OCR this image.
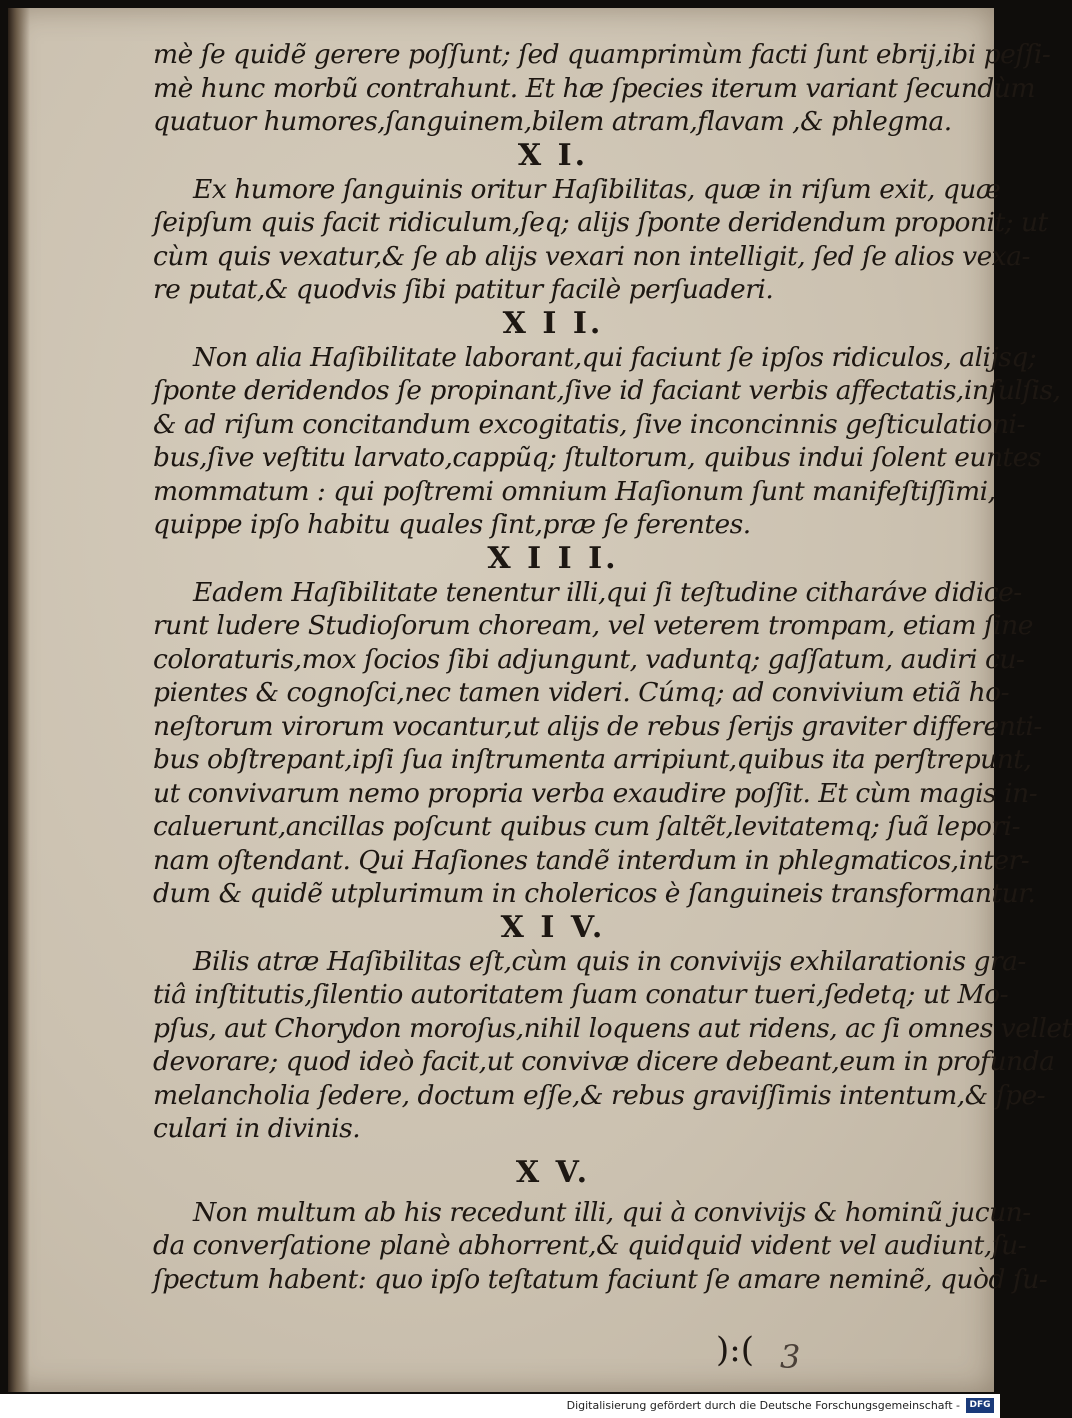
mè ſe quidẽ gerere poſſunt; ſed quamprimùm facti ſunt ebrij,ibi peſſi-
mè hunc morbũ contrahunt. Et hæ ſpecies iterum variant ſecundùm
quatuor humores,ſanguinem,bilem atram,flavam ,& phlegma.
X I.
Ex humore ſanguinis oritur Haſibilitas, quæ in riſum exit, quæ
ſeipſum quis facit ridiculum,ſeq; alijs ſponte deridendum proponit; ut
cùm quis vexatur,& ſe ab alijs vexari non intelligit, ſed ſe alios vexa-
re putat,& quodvis ſibi patitur facilè perſuaderi.
X I I.
Non alia Haſibilitate laborant,qui faciunt ſe ipſos ridiculos, alijsq;
ſponte deridendos ſe propinant,ſive id faciant verbis affectatis,inſulſis,
& ad riſum concitandum excogitatis, ſive inconcinnis geſticulationi-
bus,ſive veſtitu larvato,cappũq; ſtultorum, quibus indui ſolent euntes
mommatum : qui poſtremi omnium Haſionum ſunt manifeſtiſſimi,
quippe ipſo habitu quales ſint,præ ſe ferentes.
X I I I.
Eadem Haſibilitate tenentur illi,qui ſi teſtudine citharáve didice-
runt ludere Studioſorum choream, vel veterem trompam, etiam ſine
coloraturis,mox ſocios ſibi adjungunt, vaduntq; gaſſatum, audiri cu-
pientes & cognoſci,nec tamen videri. Cúmq; ad convivium etiã ho-
neſtorum virorum vocantur,ut alijs de rebus ſerijs graviter differenti-
bus obſtrepant,ipſi ſua inſtrumenta arripiunt,quibus ita perſtrepunt,
ut convivarum nemo propria verba exaudire poſſit. Et cùm magis in-
caluerunt,ancillas poſcunt quibus cum ſaltẽt,levitatemq; ſuã lepori-
nam oſtendant. Qui Haſiones tandẽ interdum in phlegmaticos,inter-
dum & quidẽ utplurimum in cholericos è ſanguineis transformantur.
X I V.
Bilis atræ Haſibilitas eſt,cùm quis in convivijs exhilarationis gra-
tiâ inſtitutis,ſilentio autoritatem ſuam conatur tueri,ſedetq; ut Mo-
pſus, aut Chorydon moroſus,nihil loquens aut ridens, ac ſi omnes vellet
devorare; quod ideò facit,ut convivæ dicere debeant,eum in profunda
melancholia ſedere, doctum eſſe,& rebus graviſſimis intentum,& ſpe-
culari in divinis.
X V.
Non multum ab his recedunt illi, qui à convivijs & hominũ jucun-
da converſatione planè abhorrent,& quidquid vident vel audiunt,ſu-
ſpectum habent: quo ipſo teſtatum faciunt ſe amare neminẽ, quòd ſu-
):( 3
Digitalisierung gefördert durch die Deutsche Forschungsgemeinschaft -	DFG
